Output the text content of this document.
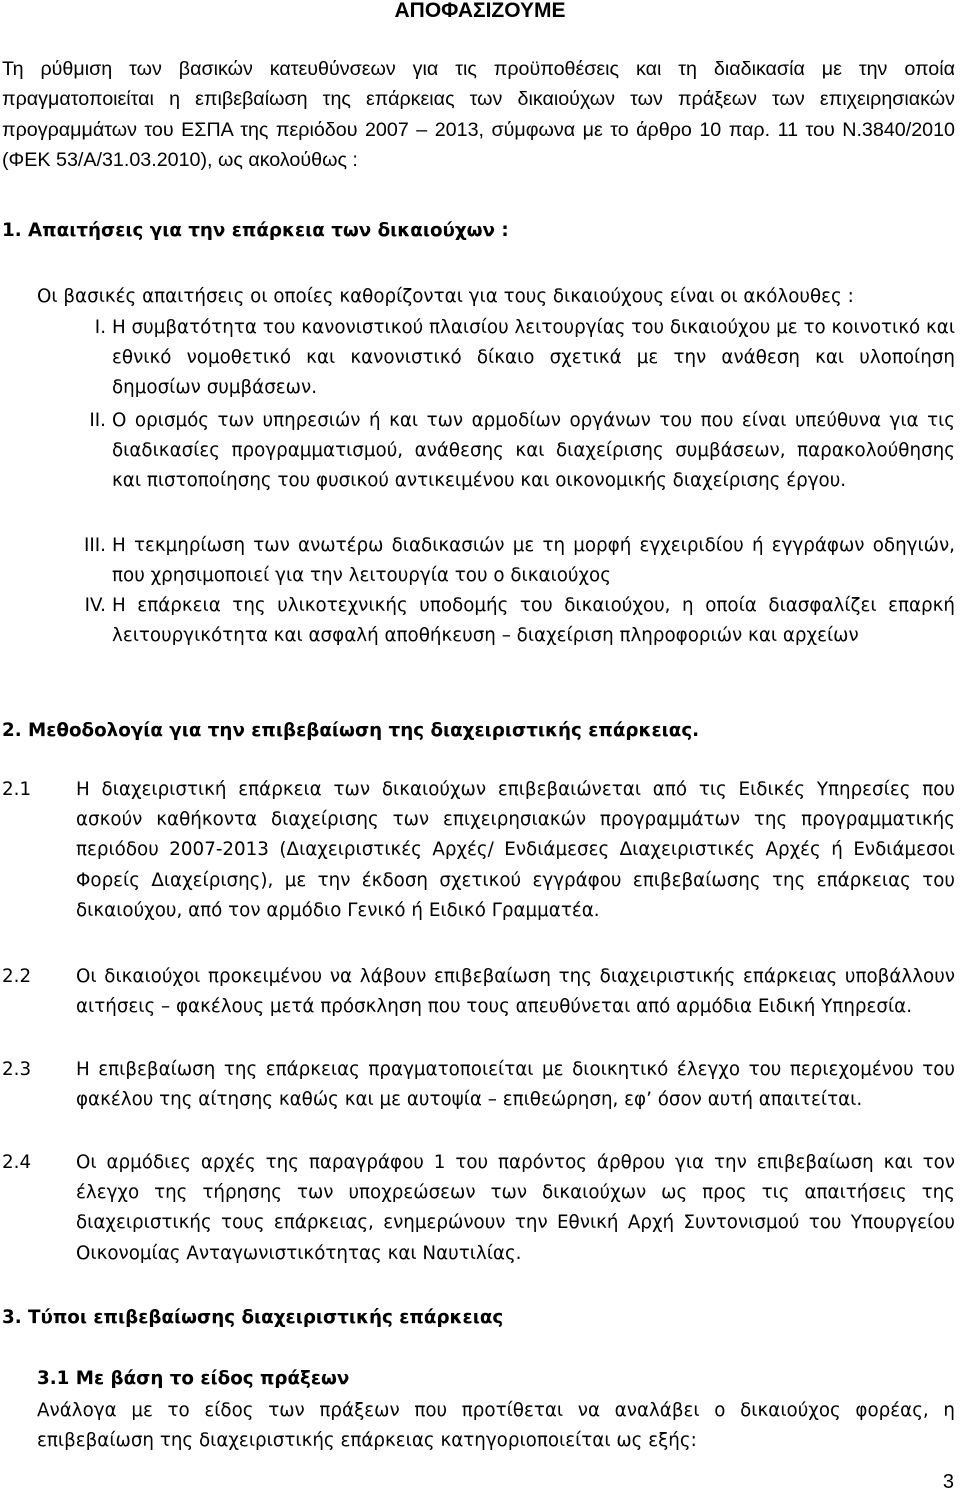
ΑΠΟΦΑΣΙΖΟΥΜΕ
Τη ρύθμιση των βασικών κατευθύνσεων για τις προϋποθέσεις και τη διαδικασία με την οποία πραγματοποιείται η επιβεβαίωση της επάρκειας των δικαιούχων των πράξεων των επιχειρησιακών προγραμμάτων του ΕΣΠΑ της περιόδου 2007 – 2013, σύμφωνα με το άρθρο 10 παρ. 11 του Ν.3840/2010 (ΦΕΚ 53/Α/31.03.2010), ως ακολούθως :
1. Απαιτήσεις για την επάρκεια των δικαιούχων :
Οι βασικές απαιτήσεις οι οποίες καθορίζονται για τους δικαιούχους είναι οι ακόλουθες :
I. Η συμβατότητα του κανονιστικού πλαισίου λειτουργίας του δικαιούχου με το κοινοτικό και εθνικό νομοθετικό και κανονιστικό δίκαιο σχετικά με την ανάθεση και υλοποίηση δημοσίων συμβάσεων.
II. Ο ορισμός των υπηρεσιών ή και των αρμοδίων οργάνων του που είναι υπεύθυνα για τις διαδικασίες προγραμματισμού, ανάθεσης και διαχείρισης συμβάσεων, παρακολούθησης και πιστοποίησης του φυσικού αντικειμένου και οικονομικής διαχείρισης έργου.
III. Η τεκμηρίωση των ανωτέρω διαδικασιών με τη μορφή εγχειριδίου ή εγγράφων οδηγιών, που χρησιμοποιεί για την λειτουργία του ο δικαιούχος
IV. Η επάρκεια της υλικοτεχνικής υποδομής του δικαιούχου, η οποία διασφαλίζει επαρκή λειτουργικότητα και ασφαλή αποθήκευση – διαχείριση πληροφοριών και αρχείων
2. Μεθοδολογία για την επιβεβαίωση της διαχειριστικής επάρκειας.
2.1 Η διαχειριστική επάρκεια των δικαιούχων επιβεβαιώνεται από τις Ειδικές Υπηρεσίες που ασκούν καθήκοντα διαχείρισης των επιχειρησιακών προγραμμάτων της προγραμματικής περιόδου 2007-2013 (Διαχειριστικές Αρχές/ Ενδιάμεσες Διαχειριστικές Αρχές ή Ενδιάμεσοι Φορείς Διαχείρισης), με την έκδοση σχετικού εγγράφου επιβεβαίωσης της επάρκειας του δικαιούχου, από τον αρμόδιο Γενικό ή Ειδικό Γραμματέα.
2.2 Οι δικαιούχοι προκειμένου να λάβουν επιβεβαίωση της διαχειριστικής επάρκειας υποβάλλουν αιτήσεις – φακέλους μετά πρόσκληση που τους απευθύνεται από αρμόδια Ειδική Υπηρεσία.
2.3 Η επιβεβαίωση της επάρκειας πραγματοποιείται με διοικητικό έλεγχο του περιεχομένου του φακέλου της αίτησης καθώς και με αυτοψία – επιθεώρηση, εφ’ όσον αυτή απαιτείται.
2.4 Οι αρμόδιες αρχές της παραγράφου 1 του παρόντος άρθρου για την επιβεβαίωση και τον έλεγχο της τήρησης των υποχρεώσεων των δικαιούχων ως προς τις απαιτήσεις της διαχειριστικής τους επάρκειας, ενημερώνουν την Εθνική Αρχή Συντονισμού του Υπουργείου Οικονομίας Ανταγωνιστικότητας και Ναυτιλίας.
3. Τύποι επιβεβαίωσης διαχειριστικής επάρκειας
3.1 Με βάση το είδος πράξεων
Ανάλογα με το είδος των πράξεων που προτίθεται να αναλάβει ο δικαιούχος φορέας, η επιβεβαίωση της διαχειριστικής επάρκειας κατηγοριοποιείται ως εξής:
3
